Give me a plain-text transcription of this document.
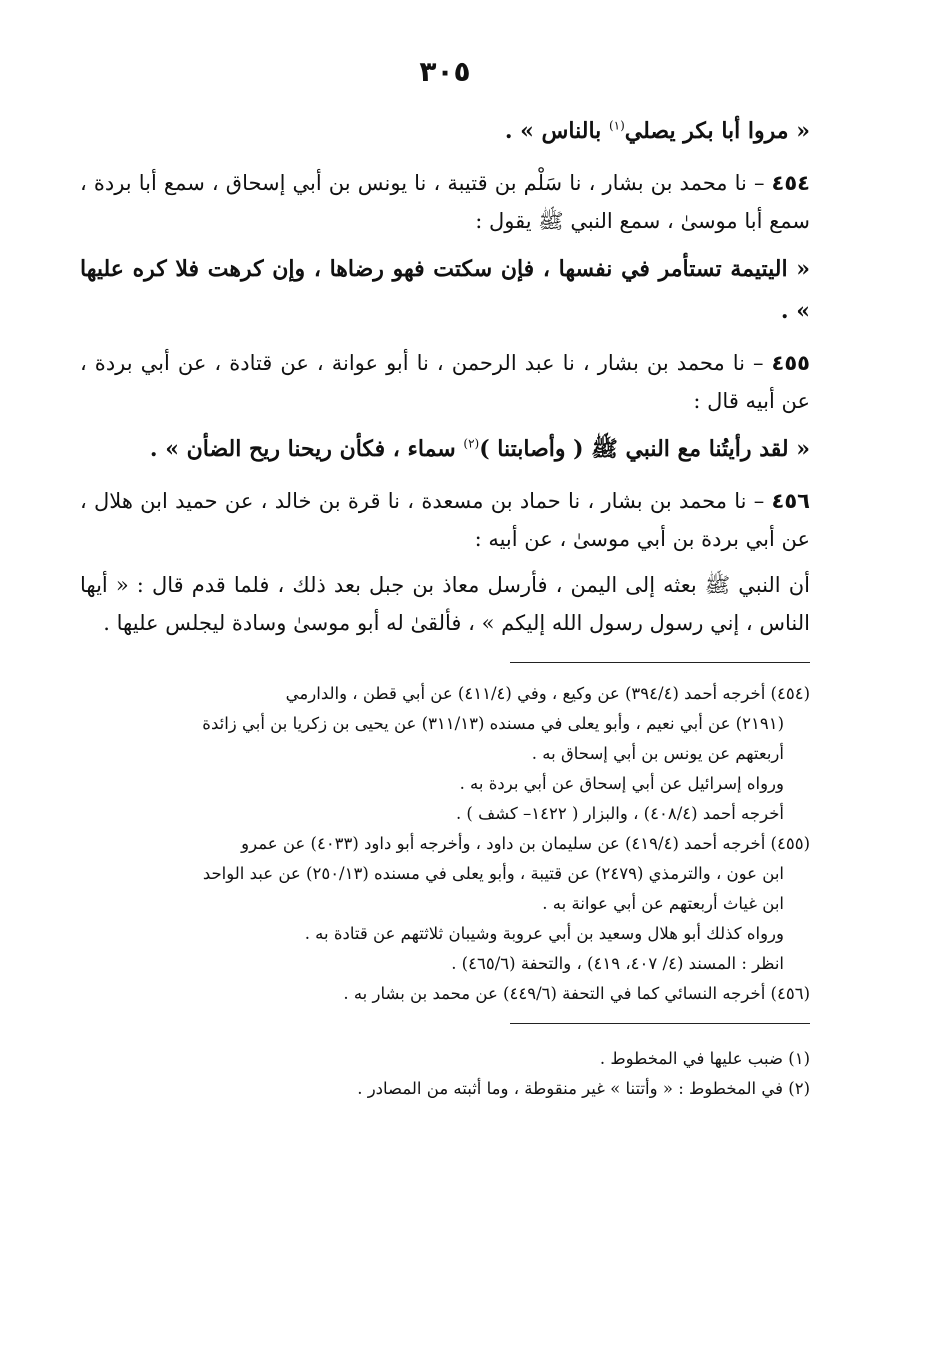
٣٠٥

« مروا أبا بكر يصلي$^{(١)}$ بالناس » .

٤٥٤ – نا محمد بن بشار ، نا سَلْم بن قتيبة ، نا يونس بن أبي إسحاق ، سمع أبا بردة ، سمع أبا موسىٰ ، سمع النبي ﷺ يقول :

« اليتيمة تستأمر في نفسها ، فإن سكتت فهو رضاها ، وإن كرهت فلا كره عليها » .

٤٥٥ – نا محمد بن بشار ، نا عبد الرحمن ، نا أبو عوانة ، عن قتادة ، عن أبي بردة ، عن أبيه قال :

« لقد رأيتُنا مع النبي ﷺ ( وأصابتنا )$^{(٢)}$ سماء ، فكأن ريحنا ريح الضأن » .

٤٥٦ – نا محمد بن بشار ، نا حماد بن مسعدة ، نا قرة بن خالد ، عن حميد ابن هلال ، عن أبي بردة بن أبي موسىٰ ، عن أبيه :

أن النبي ﷺ بعثه إلى اليمن ، فأرسل معاذ بن جبل بعد ذلك ، فلما قدم قال : « أيها الناس ، إني رسول رسول الله إليكم » ، فألقىٰ له أبو موسىٰ وسادة ليجلس عليها .

(٤٥٤) أخرجه أحمد (٣٩٤/٤) عن وكيع ، وفي (٤١١/٤) عن أبي قطن ، والدارمي
(٢١٩١) عن أبي نعيم ، وأبو يعلى في مسنده (٣١١/١٣) عن يحيى بن زكريا بن أبي زائدة
أربعتهم عن يونس بن أبي إسحاق به .
ورواه إسرائيل عن أبي إسحاق عن أبي بردة به .
أخرجه أحمد (٤٠٨/٤) ، والبزار ( ١٤٢٢– كشف ) .
(٤٥٥) أخرجه أحمد (٤١٩/٤) عن سليمان بن داود ، وأخرجه أبو داود (٤٠٣٣) عن عمرو
ابن عون ، والترمذي (٢٤٧٩) عن قتيبة ، وأبو يعلى في مسنده (٢٥٠/١٣) عن عبد الواحد
ابن غياث أربعتهم عن أبي عوانة به .
ورواه كذلك أبو هلال وسعيد بن أبي عروبة وشيبان ثلاثتهم عن قتادة به .
انظر : المسند (٤/ ٤٠٧، ٤١٩) ، والتحفة (٤٦٥/٦) .
(٤٥٦) أخرجه النسائي كما في التحفة (٤٤٩/٦) عن محمد بن بشار به .
(١) ضبب عليها في المخطوط .
(٢) في المخطوط : « وأتتنا » غير منقوطة ، وما أثبته من المصادر .
